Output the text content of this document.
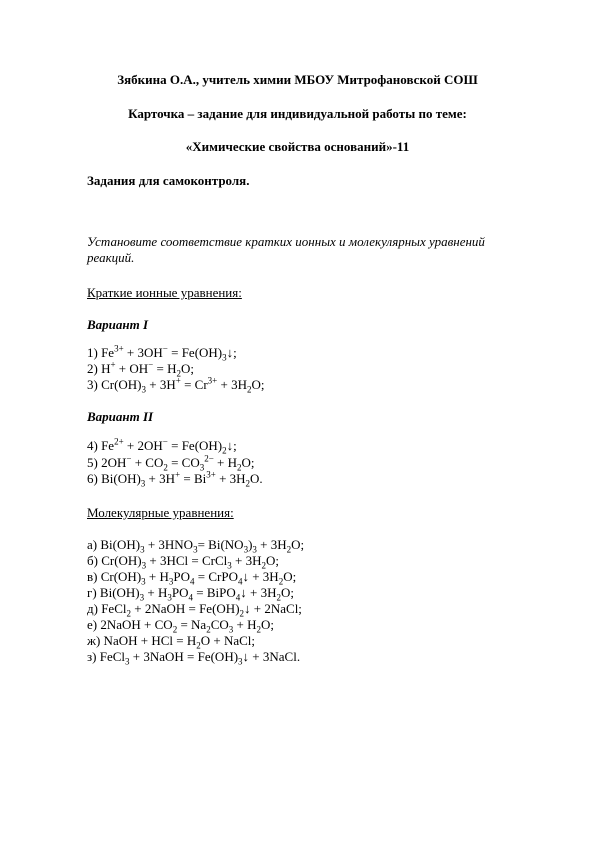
Зябкина О.А., учитель химии МБОУ Митрофановской СОШ
Карточка – задание для индивидуальной работы по теме:
«Химические свойства оснований»-11
Задания для самоконтроля.
Установите соответствие кратких ионных и молекулярных уравнений реакций.
Краткие ионные уравнения:
Вариант I
1) $Fe^{3+} + 3OH^-$ = $Fe(OH)_3↓$;
2) $H^+ + OH^- = H_2O$;
3) $Cr(OH)_3 + 3H^+ = Cr^{3+} + 3H_2O$;
Вариант II
4) $Fe^{2+} + 2OH^-$ = $Fe(OH)_2↓$;
5) $2OH^- + CO_2 = CO_3^{2-} + H_2O$;
6) $Bi(OH)_3 + 3H^+ = Bi^{3+} + 3H_2O$.
Молекулярные уравнения:
а) $Bi(OH)_3 + 3HNO_3= Bi(NO_3)_3 + 3H_2O$;
б) $Cr(OH)_3 + 3HCl$ = CrCl$_3$ + $3H_2O$;
в) $Cr(OH)_3 + H_3PO_4$ = CrPO$_4$↓ + $3H_2O$;
г) $Bi(OH)_3 + H_3PO_4$ = BiPO$_4$↓ + $3H_2O$;
д) FeCl$_2$ + 2NaOH = $Fe(OH)_2↓$ + 2NaCl;
е) 2NaOH + $CO_2 = Na_2CO_3 + H_2O$;
ж) NaOH + HCl = $H_2O$ + NaCl;
з) FeCl$_3$ + 3NaOH = $Fe(OH)_3↓$ + 3NaCl.
